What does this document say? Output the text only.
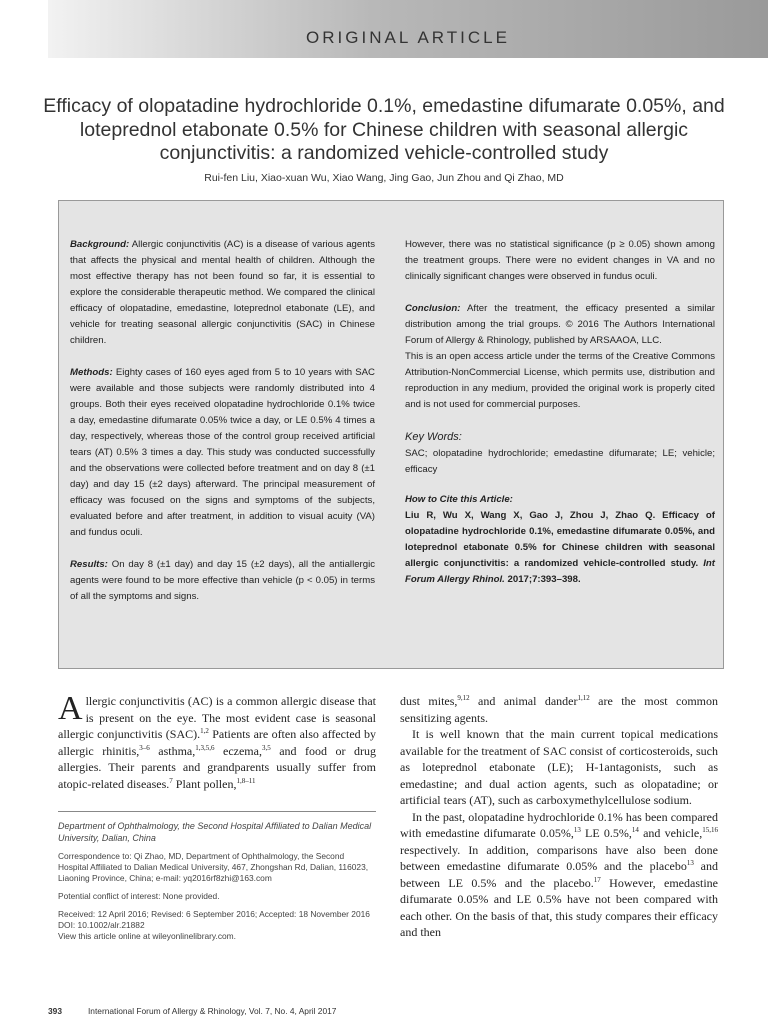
ORIGINAL ARTICLE
Efficacy of olopatadine hydrochloride 0.1%, emedastine difumarate 0.05%, and loteprednol etabonate 0.5% for Chinese children with seasonal allergic conjunctivitis: a randomized vehicle-controlled study
Rui-fen Liu, Xiao-xuan Wu, Xiao Wang, Jing Gao, Jun Zhou and Qi Zhao, MD

Background: Allergic conjunctivitis (AC) is a disease of various agents that affects the physical and mental health of children. Although the most effective therapy has not been found so far, it is essential to explore the considerable therapeutic method. We compared the clinical efficacy of olopatadine, emedastine, loteprednol etabonate (LE), and vehicle for treating seasonal allergic conjunctivitis (SAC) in Chinese children.

Methods: Eighty cases of 160 eyes aged from 5 to 10 years with SAC were available and those subjects were randomly distributed into 4 groups. Both their eyes received olopatadine hydrochloride 0.1% twice a day, emedastine difumarate 0.05% twice a day, or LE 0.5% 4 times a day, respectively, whereas those of the control group received artificial tears (AT) 0.5% 3 times a day. This study was conducted successfully and the observations were collected before treatment and on day 8 (±1 day) and day 15 (±2 days) afterward. The principal measurement of efficacy was focused on the signs and symptoms of the subjects, evaluated before and after treatment, in addition to visual acuity (VA) and fundus oculi.

Results: On day 8 (±1 day) and day 15 (±2 days), all the antiallergic agents were found to be more effective than vehicle (p < 0.05) in terms of all the symptoms and signs.

However, there was no statistical significance (p ≥ 0.05) shown among the treatment groups. There were no evident changes in VA and no clinically significant changes were observed in fundus oculi.

Conclusion: After the treatment, the efficacy presented a similar distribution among the trial groups. © 2016 The Authors International Forum of Allergy & Rhinology, published by ARSAAOA, LLC.

This is an open access article under the terms of the Creative Commons Attribution-NonCommercial License, which permits use, distribution and reproduction in any medium, provided the original work is properly cited and is not used for commercial purposes.

Key Words:
SAC; olopatadine hydrochloride; emedastine difumarate; LE; vehicle; efficacy

How to Cite this Article:
Liu R, Wu X, Wang X, Gao J, Zhou J, Zhao Q. Efficacy of olopatadine hydrochloride 0.1%, emedastine difumarate 0.05%, and loteprednol etabonate 0.5% for Chinese children with seasonal allergic conjunctivitis: a randomized vehicle-controlled study. Int Forum Allergy Rhinol. 2017;7:393–398.

Allergic conjunctivitis (AC) is a common allergic disease that is present on the eye. The most evident case is seasonal allergic conjunctivitis (SAC).$^{1,2}$ Patients are often also affected by allergic rhinitis,$^{3-6}$ asthma,$^{1,3,5,6}$ eczema,$^{3,5}$ and food or drug allergies. Their parents and grandparents usually suffer from atopic-related diseases.$^7$ Plant pollen,$^{1,8-11}$

Department of Ophthalmology, the Second Hospital Affiliated to Dalian Medical University, Dalian, China

Correspondence to: Qi Zhao, MD, Department of Ophthalmology, the Second Hospital Affiliated to Dalian Medical University, 467, Zhongshan Rd, Dalian, 116023, Liaoning Province, China; e-mail: yq2016rf8zhi@163.com

Potential conflict of interest: None provided.

Received: 12 April 2016; Revised: 6 September 2016; Accepted: 18 November 2016

DOI: 10.1002/alr.21882

View this article online at wileyonlinelibrary.com.

dust mites,$^{9,12}$ and animal dander$^{1,12}$ are the most common sensitizing agents.

It is well known that the main current topical medications available for the treatment of SAC consist of corticosteroids, such as loteprednol etabonate (LE); H-1antagonists, such as emedastine; and dual action agents, such as olopatadine; or artificial tears (AT), such as carboxymethylcellulose sodium.

In the past, olopatadine hydrochloride 0.1% has been compared with emedastine difumarate 0.05%,$^{13}$ LE 0.5%,$^{14}$ and vehicle,$^{15,16}$ respectively. In addition, comparisons have also been done between emedastine difumarate 0.05% and the placebo$^{13}$ and between LE 0.5% and the placebo.$^{17}$ However, emedastine difumarate 0.05% and LE 0.5% have not been compared with each other. On the basis of that, this study compares their efficacy and then

393	International Forum of Allergy & Rhinology, Vol. 7, No. 4, April 2017
